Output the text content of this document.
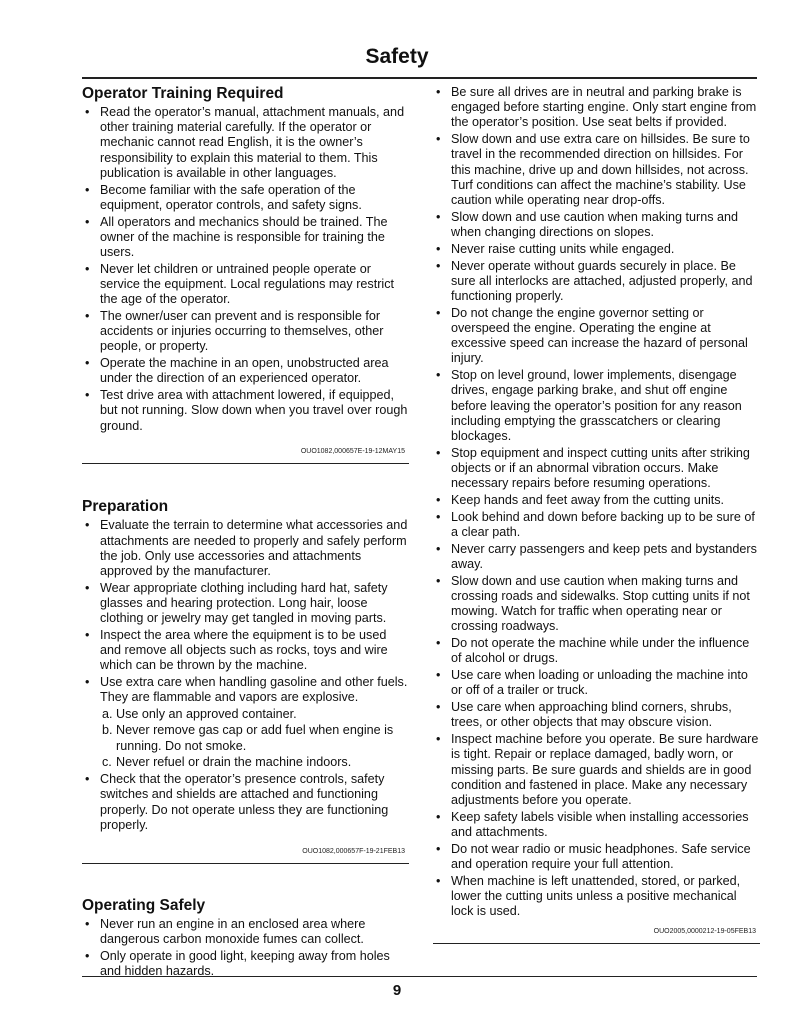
Safety
Operator Training Required
• Read the operator’s manual, attachment manuals, and other training material carefully. If the operator or mechanic cannot read English, it is the owner’s responsibility to explain this material to them. This publication is available in other languages.
• Become familiar with the safe operation of the equipment, operator controls, and safety signs.
• All operators and mechanics should be trained. The owner of the machine is responsible for training the users.
• Never let children or untrained people operate or service the equipment. Local regulations may restrict the age of the operator.
• The owner/user can prevent and is responsible for accidents or injuries occurring to themselves, other people, or property.
• Operate the machine in an open, unobstructed area under the direction of an experienced operator.
• Test drive area with attachment lowered, if equipped, but not running. Slow down when you travel over rough ground.
OUO1082,000657E-19-12MAY15
Preparation
• Evaluate the terrain to determine what accessories and attachments are needed to properly and safely perform the job. Only use accessories and attachments approved by the manufacturer.
• Wear appropriate clothing including hard hat, safety glasses and hearing protection. Long hair, loose clothing or jewelry may get tangled in moving parts.
• Inspect the area where the equipment is to be used and remove all objects such as rocks, toys and wire which can be thrown by the machine.
• Use extra care when handling gasoline and other fuels. They are flammable and vapors are explosive.
a. Use only an approved container.
b. Never remove gas cap or add fuel when engine is running. Do not smoke.
c. Never refuel or drain the machine indoors.
• Check that the operator’s presence controls, safety switches and shields are attached and functioning properly. Do not operate unless they are functioning properly.
OUO1082,000657F-19-21FEB13
Operating Safely
• Never run an engine in an enclosed area where dangerous carbon monoxide fumes can collect.
• Only operate in good light, keeping away from holes and hidden hazards.
• Be sure all drives are in neutral and parking brake is engaged before starting engine. Only start engine from the operator’s position. Use seat belts if provided.
• Slow down and use extra care on hillsides. Be sure to travel in the recommended direction on hillsides. For this machine, drive up and down hillsides, not across. Turf conditions can affect the machine’s stability. Use caution while operating near drop-offs.
• Slow down and use caution when making turns and when changing directions on slopes.
• Never raise cutting units while engaged.
• Never operate without guards securely in place. Be sure all interlocks are attached, adjusted properly, and functioning properly.
• Do not change the engine governor setting or overspeed the engine. Operating the engine at excessive speed can increase the hazard of personal injury.
• Stop on level ground, lower implements, disengage drives, engage parking brake, and shut off engine before leaving the operator’s position for any reason including emptying the grasscatchers or clearing blockages.
• Stop equipment and inspect cutting units after striking objects or if an abnormal vibration occurs. Make necessary repairs before resuming operations.
• Keep hands and feet away from the cutting units.
• Look behind and down before backing up to be sure of a clear path.
• Never carry passengers and keep pets and bystanders away.
• Slow down and use caution when making turns and crossing roads and sidewalks. Stop cutting units if not mowing. Watch for traffic when operating near or crossing roadways.
• Do not operate the machine while under the influence of alcohol or drugs.
• Use care when loading or unloading the machine into or off of a trailer or truck.
• Use care when approaching blind corners, shrubs, trees, or other objects that may obscure vision.
• Inspect machine before you operate. Be sure hardware is tight. Repair or replace damaged, badly worn, or missing parts. Be sure guards and shields are in good condition and fastened in place. Make any necessary adjustments before you operate.
• Keep safety labels visible when installing accessories and attachments.
• Do not wear radio or music headphones. Safe service and operation require your full attention.
• When machine is left unattended, stored, or parked, lower the cutting units unless a positive mechanical lock is used.
OUO2005,0000212-19-05FEB13
9
